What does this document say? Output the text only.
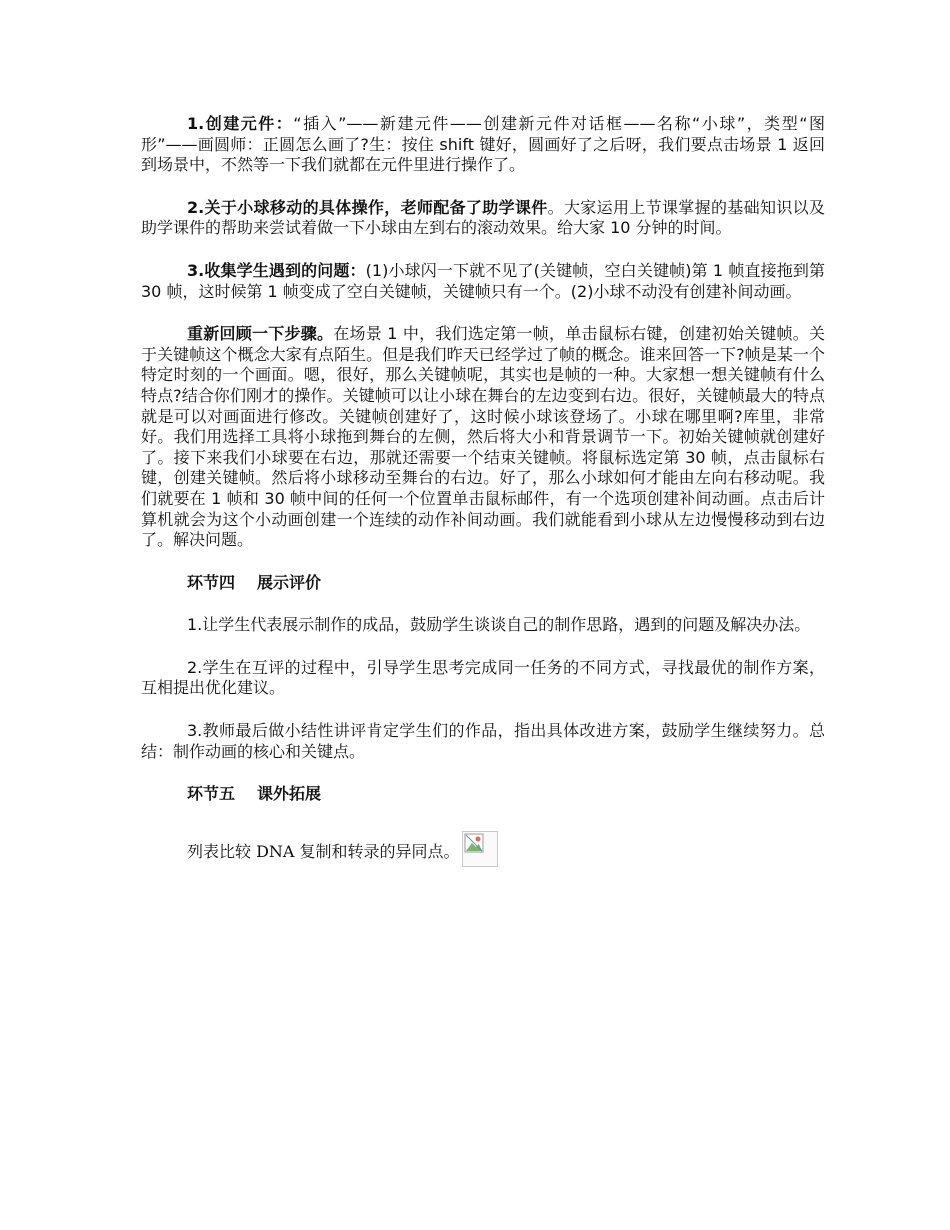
1.创建元件：“插入”——新建元件——创建新元件对话框——名称“小球”，类型“图形”——画圆师：正圆怎么画了?生：按住 shift 键好，圆画好了之后呀，我们要点击场景 1 返回到场景中，不然等一下我们就都在元件里进行操作了。

2.关于小球移动的具体操作，老师配备了助学课件。大家运用上节课掌握的基础知识以及助学课件的帮助来尝试着做一下小球由左到右的滚动效果。给大家 10 分钟的时间。

3.收集学生遇到的问题：(1)小球闪一下就不见了(关键帧，空白关键帧)第 1 帧直接拖到第 30 帧，这时候第 1 帧变成了空白关键帧，关键帧只有一个。(2)小球不动没有创建补间动画。

重新回顾一下步骤。在场景 1 中，我们选定第一帧，单击鼠标右键，创建初始关键帧。关于关键帧这个概念大家有点陌生。但是我们昨天已经学过了帧的概念。谁来回答一下?帧是某一个特定时刻的一个画面。嗯，很好，那么关键帧呢，其实也是帧的一种。大家想一想关键帧有什么特点?结合你们刚才的操作。关键帧可以让小球在舞台的左边变到右边。很好，关键帧最大的特点就是可以对画面进行修改。关键帧创建好了，这时候小球该登场了。小球在哪里啊?库里，非常好。我们用选择工具将小球拖到舞台的左侧，然后将大小和背景调节一下。初始关键帧就创建好了。接下来我们小球要在右边，那就还需要一个结束关键帧。将鼠标选定第 30 帧，点击鼠标右键，创建关键帧。然后将小球移动至舞台的右边。好了，那么小球如何才能由左向右移动呢。我们就要在 1 帧和 30 帧中间的任何一个位置单击鼠标邮件，有一个选项创建补间动画。点击后计算机就会为这个小动画创建一个连续的动作补间动画。我们就能看到小球从左边慢慢移动到右边了。解决问题。

环节四 展示评价

1.让学生代表展示制作的成品，鼓励学生谈谈自己的制作思路，遇到的问题及解决办法。

2.学生在互评的过程中，引导学生思考完成同一任务的不同方式，寻找最优的制作方案，互相提出优化建议。

3.教师最后做小结性讲评肯定学生们的作品，指出具体改进方案，鼓励学生继续努力。总结：制作动画的核心和关键点。

环节五 课外拓展
列表比较 DNA 复制和转录的异同点。
